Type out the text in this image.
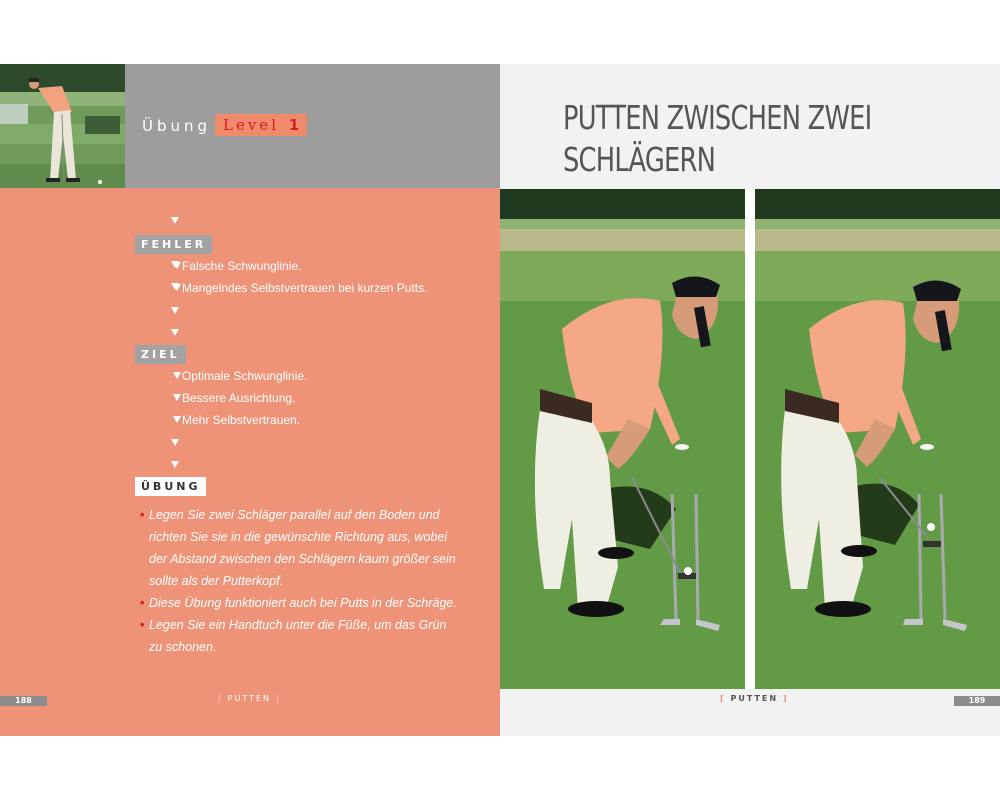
Übung Level 1
FEHLER
Falsche Schwunglinie.
Mangelndes Selbstvertrauen bei kurzen Putts.
ZIEL
Optimale Schwunglinie.
Bessere Ausrichtung.
Mehr Selbstvertrauen.
ÜBUNG
• Legen Sie zwei Schläger parallel auf den Boden und richten Sie sie in die gewünschte Richtung aus, wobei der Abstand zwischen den Schlägern kaum größer sein sollte als der Putterkopf.
• Diese Übung funktioniert auch bei Putts in der Schräge.
• Legen Sie ein Handtuch unter die Füße, um das Grün zu schonen.
188	[ PUTTEN ]
PUTTEN ZWISCHEN ZWEI SCHLÄGERN
[ PUTTEN ]	189
